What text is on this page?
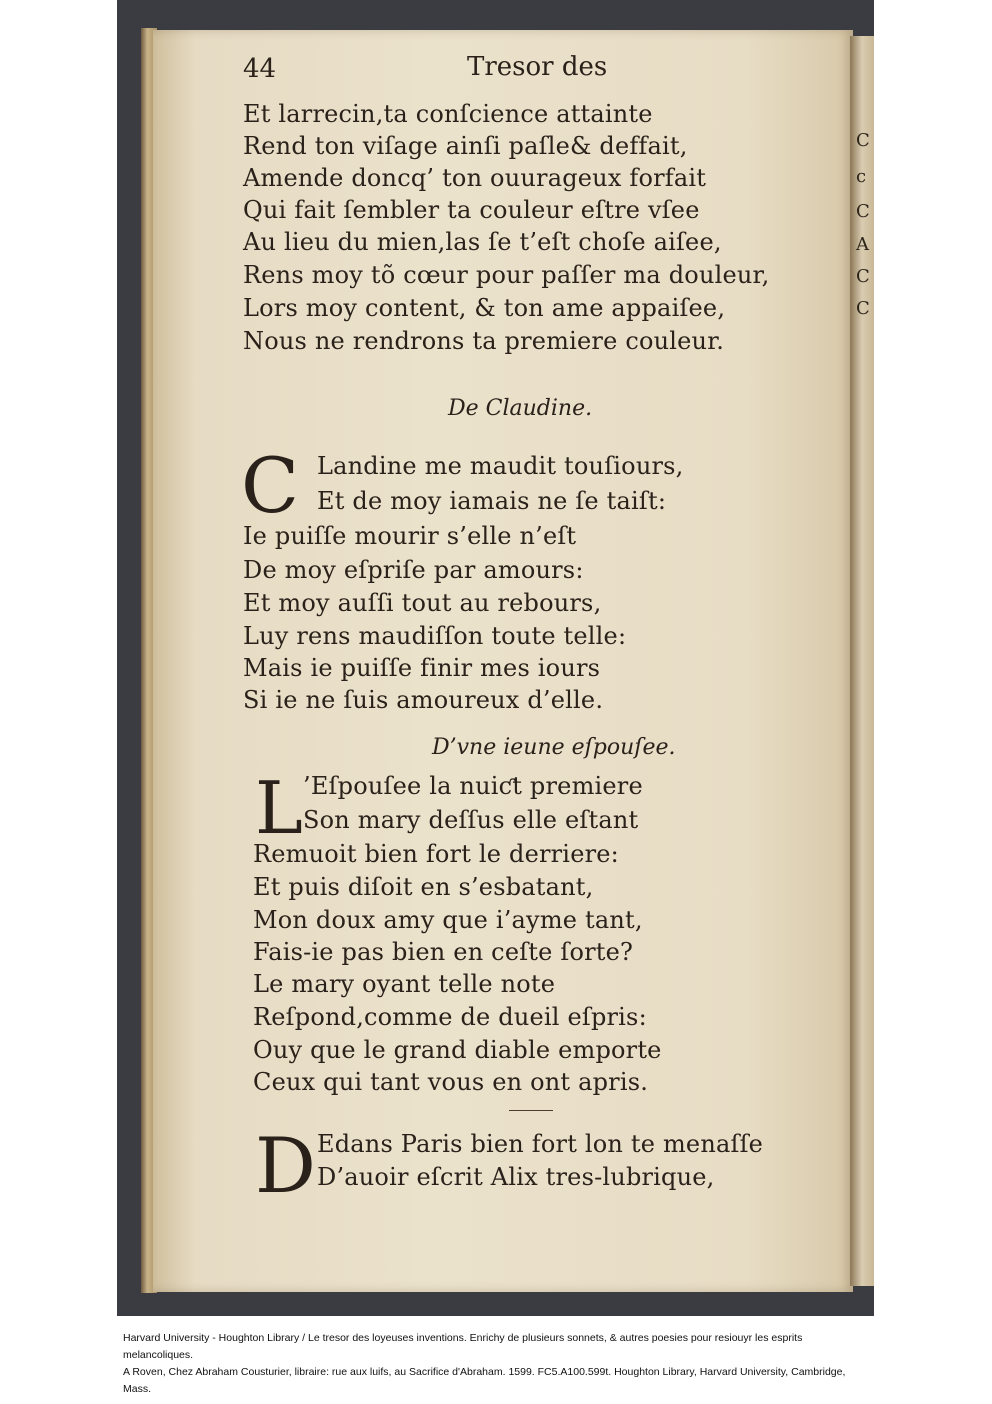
C
c
C
A
C
C
44	Tresor des
Et larrecin,ta conſcience attainte
Rend ton viſage ainſi paſle& deffait,
Amende doncq’ ton ouurageux forfait
Qui fait ſembler ta couleur eſtre vſee
Au lieu du mien,las ſe t’eſt choſe aiſee,
Rens moy tõ cœur pour paſſer ma douleur,
Lors moy content, & ton ame appaiſee,
Nous ne rendrons ta premiere couleur.
De Claudine.
C Landine me maudit touſiours,
Et de moy iamais ne ſe taiſt:
Ie puiſſe mourir s’elle n’eſt
De moy eſpriſe par amours:
Et moy auſſi tout au rebours,
Luy rens maudiſſon toute telle:
Mais ie puiſſe finir mes iours
Si ie ne ſuis amoureux d’elle.
D’vne ieune eſpouſee.
L ’Eſpouſee la nuiƈt premiere
Son mary deſſus elle eſtant
Remuoit bien fort le derriere:
Et puis diſoit en s’esbatant,
Mon doux amy que i’ayme tant,
Fais-ie pas bien en ceſte ſorte?
Le mary oyant telle note
Reſpond,comme de dueil eſpris:
Ouy que le grand diable emporte
Ceux qui tant vous en ont apris.
D Edans Paris bien fort lon te menaſſe
D’auoir eſcrit Alix tres-lubrique,

Harvard University - Houghton Library / Le tresor des loyeuses inventions. Enrichy de plusieurs sonnets, & autres poesies pour resiouyr les esprits melancoliques.

A Roven, Chez Abraham Cousturier, libraire: rue aux luifs, au Sacrifice d'Abraham. 1599. FC5.A100.599t. Houghton Library, Harvard University, Cambridge, Mass.
